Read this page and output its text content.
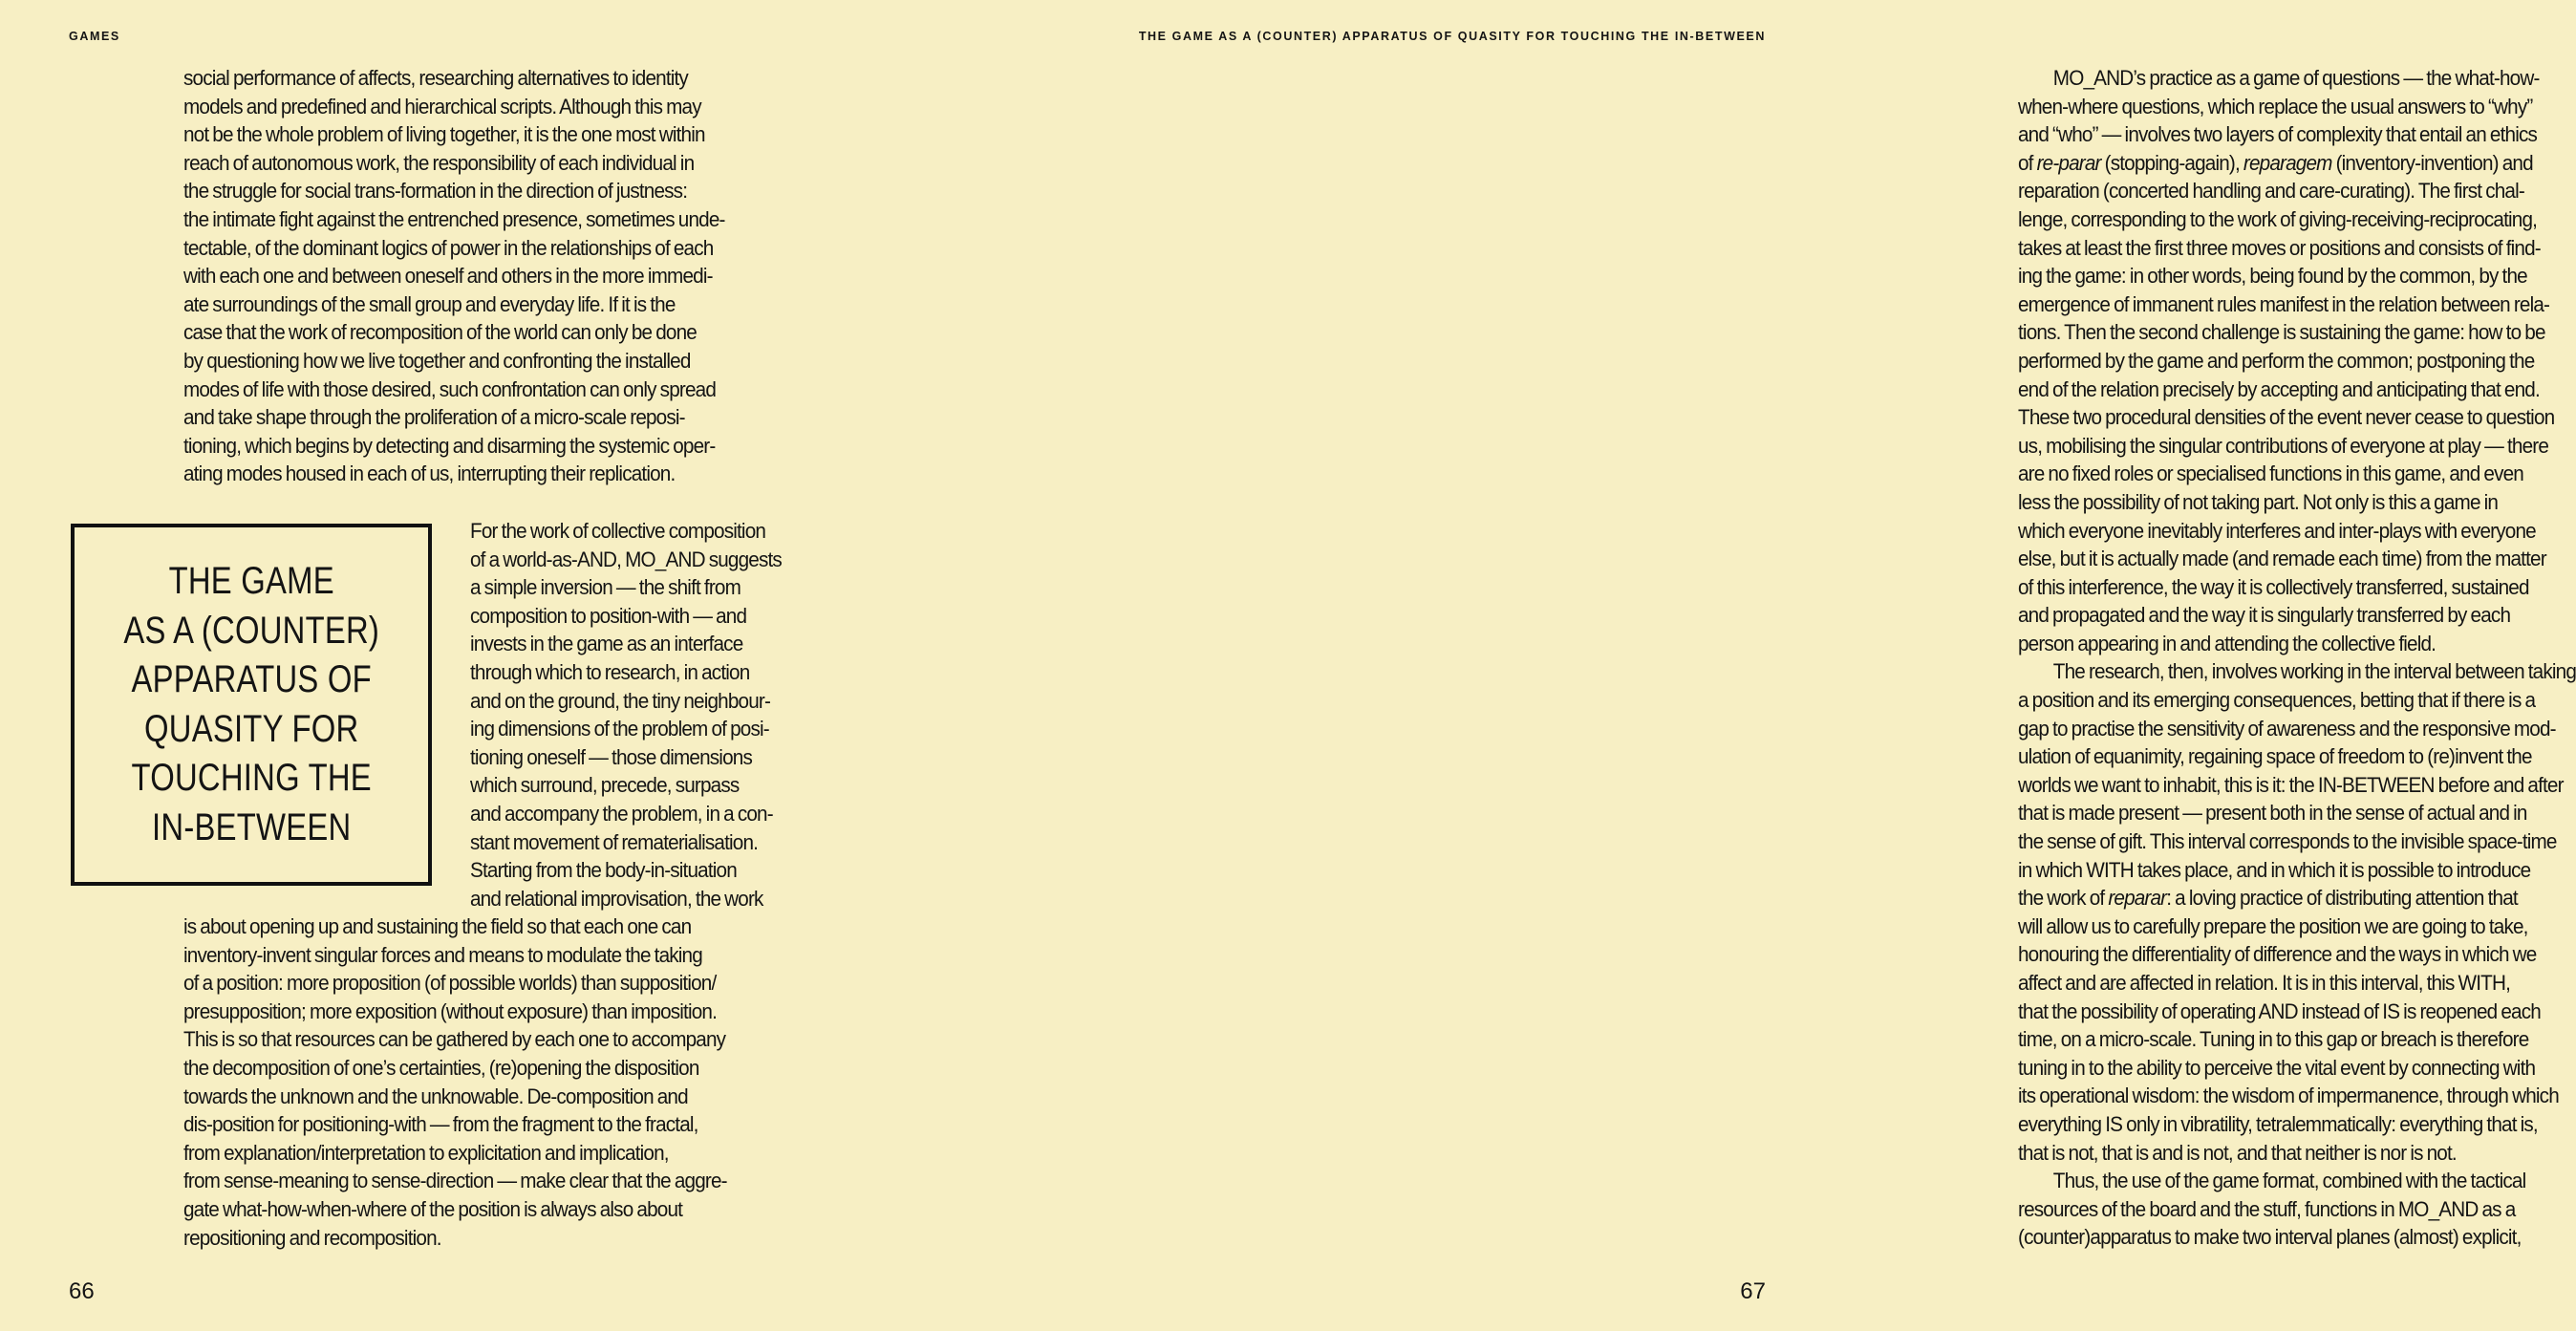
GAMES
social performance of affects, researching alternatives to identity
models and predefined and hierarchical scripts. Although this may
not be the whole problem of living together, it is the one most within
reach of autonomous work, the responsibility of each individual in
the struggle for social trans-formation in the direction of justness:
the intimate fight against the entrenched presence, sometimes unde-
tectable, of the dominant logics of power in the relationships of each
with each one and between oneself and others in the more immedi-
ate surroundings of the small group and everyday life. If it is the
case that the work of recomposition of the world can only be done
by questioning how we live together and confronting the installed
modes of life with those desired, such confrontation can only spread
and take shape through the proliferation of a micro-scale reposi-
tioning, which begins by detecting and disarming the systemic oper-
ating modes housed in each of us, interrupting their replication.
THE GAME
AS A (COUNTER)
APPARATUS OF
QUASITY FOR
TOUCHING THE
IN-BETWEEN
For the work of collective composition
of a world-as-AND, MO_AND suggests
a simple inversion — the shift from
composition to position-with — and
invests in the game as an interface
through which to research, in action
and on the ground, the tiny neighbour-
ing dimensions of the problem of posi-
tioning oneself — those dimensions
which surround, precede, surpass
and accompany the problem, in a con-
stant movement of rematerialisation.
Starting from the body-in-situation
and relational improvisation, the work
is about opening up and sustaining the field so that each one can
inventory-invent singular forces and means to modulate the taking
of a position: more proposition (of possible worlds) than supposition/
presupposition; more exposition (without exposure) than imposition.
This is so that resources can be gathered by each one to accompany
the decomposition of one’s certainties, (re)opening the disposition
towards the unknown and the unknowable. De-composition and
dis-position for positioning-with — from the fragment to the fractal,
from explanation/interpretation to explicitation and implication,
from sense-meaning to sense-direction — make clear that the aggre-
gate what-how-when-where of the position is always also about
repositioning and recomposition.
66
THE GAME AS A (COUNTER) APPARATUS OF QUASITY FOR TOUCHING THE IN-BETWEEN
MO_AND’s practice as a game of questions — the what-how-
when-where questions, which replace the usual answers to “why”
and “who” — involves two layers of complexity that entail an ethics
of re-parar (stopping-again), reparagem (inventory-invention) and
reparation (concerted handling and care-curating). The first chal-
lenge, corresponding to the work of giving-receiving-reciprocating,
takes at least the first three moves or positions and consists of find-
ing the game: in other words, being found by the common, by the
emergence of immanent rules manifest in the relation between rela-
tions. Then the second challenge is sustaining the game: how to be
performed by the game and perform the common; postponing the
end of the relation precisely by accepting and anticipating that end.
These two procedural densities of the event never cease to question
us, mobilising the singular contributions of everyone at play — there
are no fixed roles or specialised functions in this game, and even
less the possibility of not taking part. Not only is this a game in
which everyone inevitably interferes and inter-plays with everyone
else, but it is actually made (and remade each time) from the matter
of this interference, the way it is collectively transferred, sustained
and propagated and the way it is singularly transferred by each
person appearing in and attending the collective field.
The research, then, involves working in the interval between taking
a position and its emerging consequences, betting that if there is a
gap to practise the sensitivity of awareness and the responsive mod-
ulation of equanimity, regaining space of freedom to (re)invent the
worlds we want to inhabit, this is it: the IN-BETWEEN before and after
that is made present — present both in the sense of actual and in
the sense of gift. This interval corresponds to the invisible space-time
in which WITH takes place, and in which it is possible to introduce
the work of reparar: a loving practice of distributing attention that
will allow us to carefully prepare the position we are going to take,
honouring the differentiality of difference and the ways in which we
affect and are affected in relation. It is in this interval, this WITH,
that the possibility of operating AND instead of IS is reopened each
time, on a micro-scale. Tuning in to this gap or breach is therefore
tuning in to the ability to perceive the vital event by connecting with
its operational wisdom: the wisdom of impermanence, through which
everything IS only in vibratility, tetralemmatically: everything that is,
that is not, that is and is not, and that neither is nor is not.
Thus, the use of the game format, combined with the tactical
resources of the board and the stuff, functions in MO_AND as a
(counter)apparatus to make two interval planes (almost) explicit,
67
